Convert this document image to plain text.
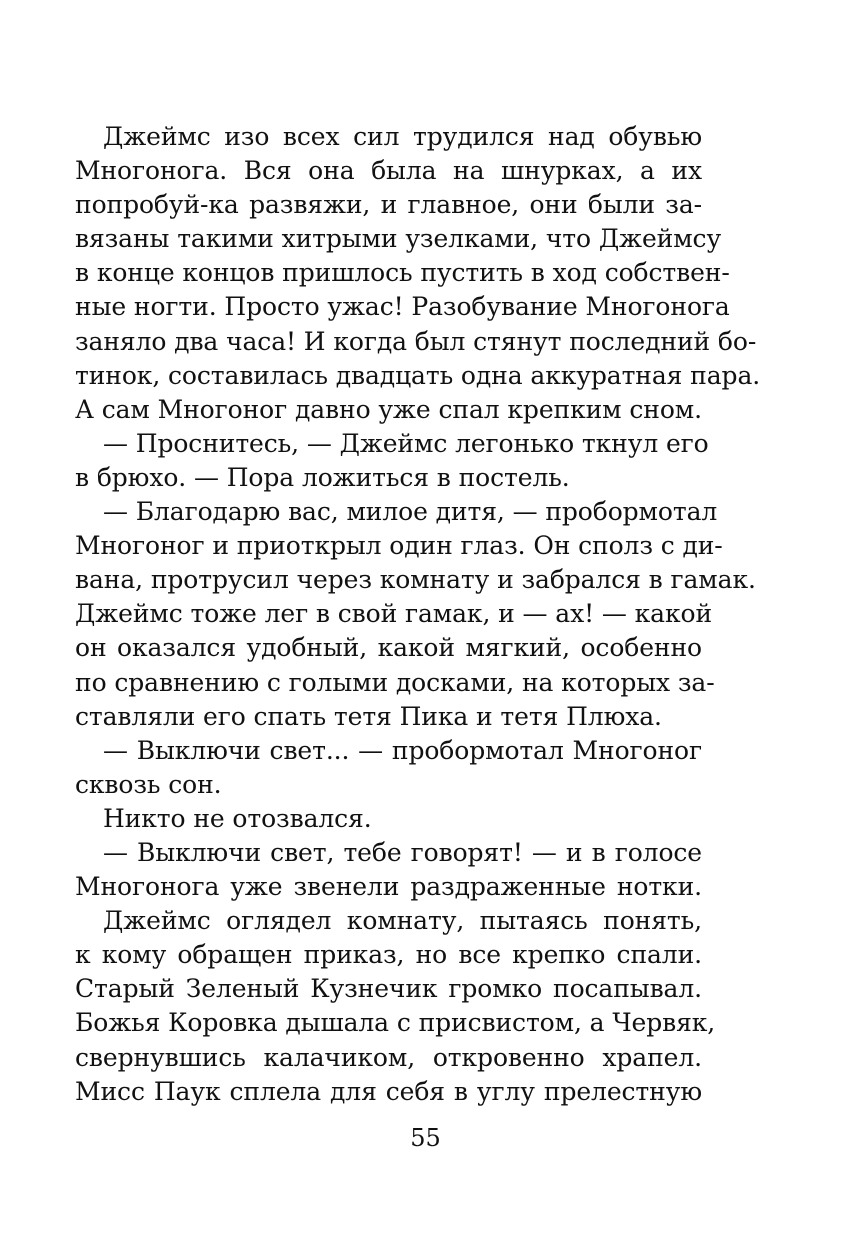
Джеймс изо всех сил трудился над обувью
Многонога. Вся она была на шнурках, а их
попробуй-ка развяжи, и главное, они были за-
вязаны такими хитрыми узелками, что Джеймсу
в конце концов пришлось пустить в ход собствен-
ные ногти. Просто ужас! Разобувание Многонога
заняло два часа! И когда был стянут последний бо-
тинок, составилась двадцать одна аккуратная пара.
А сам Многоног давно уже спал крепким сном.
— Проснитесь, — Джеймс легонько ткнул его
в брюхо. — Пора ложиться в постель.
— Благодарю вас, милое дитя, — пробормотал
Многоног и приоткрыл один глаз. Он сполз с ди-
вана, протрусил через комнату и забрался в гамак.
Джеймс тоже лег в свой гамак, и — ах! — какой
он оказался удобный, какой мягкий, особенно
по сравнению с голыми досками, на которых за-
ставляли его спать тетя Пика и тетя Плюха.
— Выключи свет... — пробормотал Многоног
сквозь сон.
Никто не отозвался.
— Выключи свет, тебе говорят! — и в голосе
Многонога уже звенели раздраженные нотки.
Джеймс оглядел комнату, пытаясь понять,
к кому обращен приказ, но все крепко спали.
Старый Зеленый Кузнечик громко посапывал.
Божья Коровка дышала с присвистом, а Червяк,
свернувшись калачиком, откровенно храпел.
Мисс Паук сплела для себя в углу прелестную
55
